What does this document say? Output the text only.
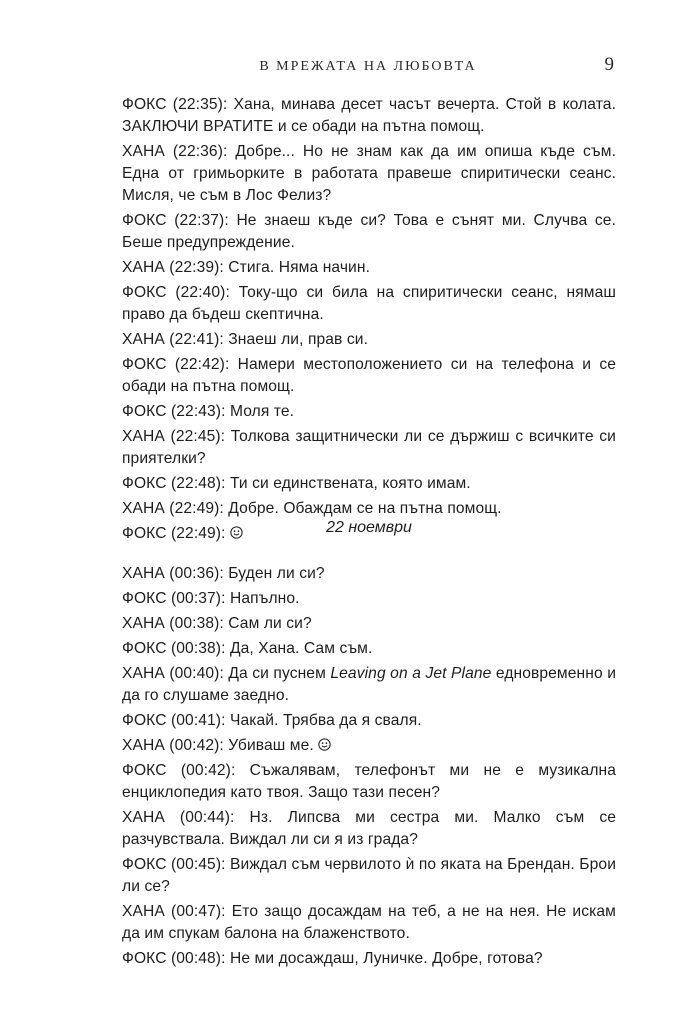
В МРЕЖАТА НА ЛЮБОВТА	9

ФОКС (22:35): Хана, минава десет часът вечерта. Стой в колата. ЗАКЛЮЧИ ВРАТИТЕ и се обади на пътна помощ.

ХАНА (22:36): Добре... Но не знам как да им опиша къде съм. Една от гримьорките в работата правеше спиритически сеанс. Мисля, че съм в Лос Фелиз?

ФОКС (22:37): Не знаеш къде си? Това е сънят ми. Случва се. Беше предупреждение.

ХАНА (22:39): Стига. Няма начин.

ФОКС (22:40): Току-що си била на спиритически сеанс, нямаш право да бъдеш скептична.

ХАНА (22:41): Знаеш ли, прав си.

ФОКС (22:42): Намери местоположението си на телефона и се обади на пътна помощ.

ФОКС (22:43): Моля те.

ХАНА (22:45): Толкова защитнически ли се държиш с всичките си приятелки?

ФОКС (22:48): Ти си единствената, която имам.

ХАНА (22:49): Добре. Обаждам се на пътна помощ.

ФОКС (22:49):	22 ноември

ХАНА (00:36): Буден ли си?

ФОКС (00:37): Напълно.

ХАНА (00:38): Сам ли си?

ФОКС (00:38): Да, Хана. Сам съм.

ХАНА (00:40): Да си пуснем Leaving on a Jet Plane едновременно и да го слушаме заедно.

ФОКС (00:41): Чакай. Трябва да я сваля.

ХАНА (00:42): Убиваш ме.

ФОКС (00:42): Съжалявам, телефонът ми не е музикална енциклопедия като твоя. Защо тази песен?

ХАНА (00:44): Нз. Липсва ми сестра ми. Малко съм се разчувствала. Виждал ли си я из града?

ФОКС (00:45): Виждал съм червилото ѝ по яката на Брендан. Брои ли се?

ХАНА (00:47): Ето защо досаждам на теб, а не на нея. Не искам да им спукам балона на блаженството.

ФОКС (00:48): Не ми досаждаш, Луничке. Добре, готова?
